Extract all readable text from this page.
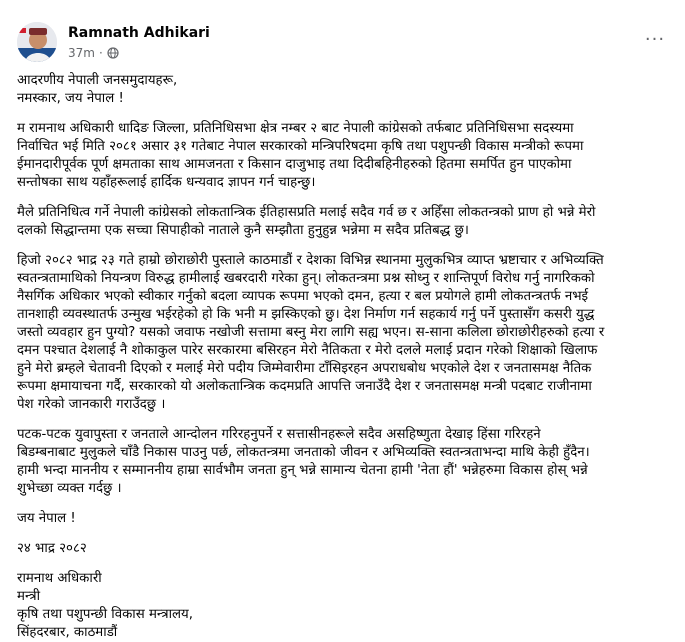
Ramnath Adhikari
37m ·
···
आदरणीय नेपाली जनसमुदायहरू,
नमस्कार, जय नेपाल !
म रामनाथ अधिकारी धादिङ जिल्ला, प्रतिनिधिसभा क्षेत्र नम्बर २ बाट नेपाली कांग्रेसको तर्फबाट प्रतिनिधिसभा सदस्यमा
निर्वाचित भई मिति २०८१ असार ३१ गतेबाट नेपाल सरकारको मन्त्रिपरिषदमा कृषि तथा पशुपन्छी विकास मन्त्रीको रूपमा
ईमानदारीपूर्वक पूर्ण क्षमताका साथ आमजनता र किसान दाजुभाइ तथा दिदीबहिनीहरुको हितमा समर्पित हुन पाएकोमा
सन्तोषका साथ यहाँहरूलाई हार्दिक धन्यवाद ज्ञापन गर्न चाहन्छु।
मैले प्रतिनिधित्व गर्ने नेपाली कांग्रेसको लोकतान्त्रिक ईतिहासप्रति मलाई सदैव गर्व छ र अहिँसा लोकतन्त्रको प्राण हो भन्ने मेरो
दलको सिद्धान्तमा एक सच्चा सिपाहीको नाताले कुनै सम्झौता हुनुहुन्न भन्नेमा म सदैव प्रतिबद्ध छु।
हिजो २०८२ भाद्र २३ गते हाम्रो छोराछोरी पुस्ताले काठमाडौं र देशका विभिन्न स्थानमा मुलुकभित्र व्याप्त भ्रष्टाचार र अभिव्यक्ति
स्वतन्त्रतामाथिको नियन्त्रण विरुद्ध हामीलाई खबरदारी गरेका हुन्। लोकतन्त्रमा प्रश्न सोध्नु र शान्तिपूर्ण विरोध गर्नु नागरिकको
नैसर्गिक अधिकार भएको स्वीकार गर्नुको बदला व्यापक रूपमा भएको दमन, हत्या र बल प्रयोगले हामी लोकतन्त्रतर्फ नभई
तानशाही व्यवस्थातर्फ उन्मुख भईरहेको हो कि भनी म झस्किएको छु। देश निर्माण गर्न सहकार्य गर्नु पर्ने पुस्तासँग कसरी युद्ध
जस्तो व्यवहार हुन पुग्यो? यसको जवाफ नखोजी सत्तामा बस्नु मेरा लागि सह्य भएन। स-साना कलिला छोराछोरीहरुको हत्या र
दमन पश्चात देशलाई नै शोकाकुल पारेर सरकारमा बसिरहन मेरो नैतिकता र मेरो दलले मलाई प्रदान गरेको शिक्षाको खिलाफ
हुने मेरो ब्रम्हले चेतावनी दिएको र मलाई मेरो पदीय जिम्मेवारीमा टाँसिइरहन अपराधबोध भएकोले देश र जनतासमक्ष नैतिक
रूपमा क्षमायाचना गर्दै, सरकारको यो अलोकतान्त्रिक कदमप्रति आपत्ति जनाउँदै देश र जनतासमक्ष मन्त्री पदबाट राजीनामा
पेश गरेको जानकारी गराउँदछु ।
पटक-पटक युवापुस्ता र जनताले आन्दोलन गरिरहनुपर्ने र सत्तासीनहरूले सदैव असहिष्णुता देखाइ हिंसा गरिरहने
बिडम्बनाबाट मुलुकले चाँडै निकास पाउनु पर्छ, लोकतन्त्रमा जनताको जीवन र अभिव्यक्ति स्वतन्त्रताभन्दा माथि केही हुँदैन।
हामी भन्दा माननीय र सम्माननीय हाम्रा सार्वभौम जनता हुन् भन्ने सामान्य चेतना हामी 'नेता हौं' भन्नेहरुमा विकास होस् भन्ने
शुभेच्छा व्यक्त गर्दछु ।
जय नेपाल !
२४ भाद्र २०८२
रामनाथ अधिकारी
मन्त्री
कृषि तथा पशुपन्छी विकास मन्त्रालय,
सिंहदरबार, काठमाडौं
